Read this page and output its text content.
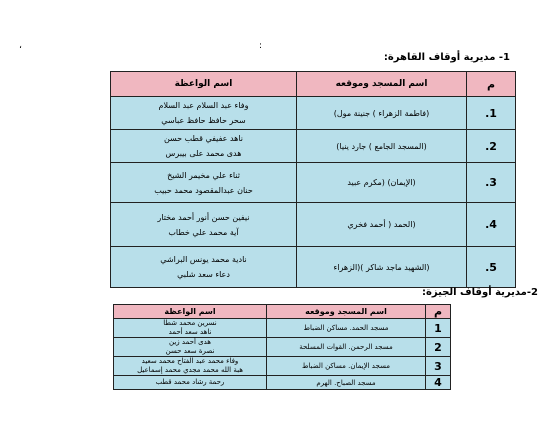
،	:
1- مديرية أوقاف القاهرة:
م	اسم المسجد وموقعه	اسم الواعظة
1.	(فاطمة الزهراء ) جنينة مول)	وفاء عبد السلام عبد السلام
سحر حافظ حافظ عباسي

2.	(المسجد الجامع ) جارد ينيا)	ناهد عفيفي قطب حسن
هدى محمد على بيبرس

3.	(الإيمان) (مكرم عبيد	ثناء علي مخيمر الشيخ
حنان عبدالمقصود محمد حبيب

4.	(الحمد ( أحمد فخري	نيفين حسن أنور أحمد مختار
آية محمد علي خطاب

5.	(الشهيد ماجد شاكر )(الزهراء	نادية محمد يونس البراشي
دعاء سعد شلبي
2-مديرية أوقاف الجيزة:
م	اسم المسجد وموقعه	اسم الواعظة
1	مسجد الحمد. مساكن الضباط	نسرين محمد شطا
ناهد سعد أحمد

2	مسجد الرحمن. القوات المسلحة	هدى أحمد زين
نصرة سعد حسن

3	مسجد الإيمان. مساكن الضباط	وفاء محمد عبد الفتاح محمد سعيد
هبة الله محمد مجدي محمد إسماعيل

4	مسجد الصباح. الهرم	رحمة رشاد محمد قطب
